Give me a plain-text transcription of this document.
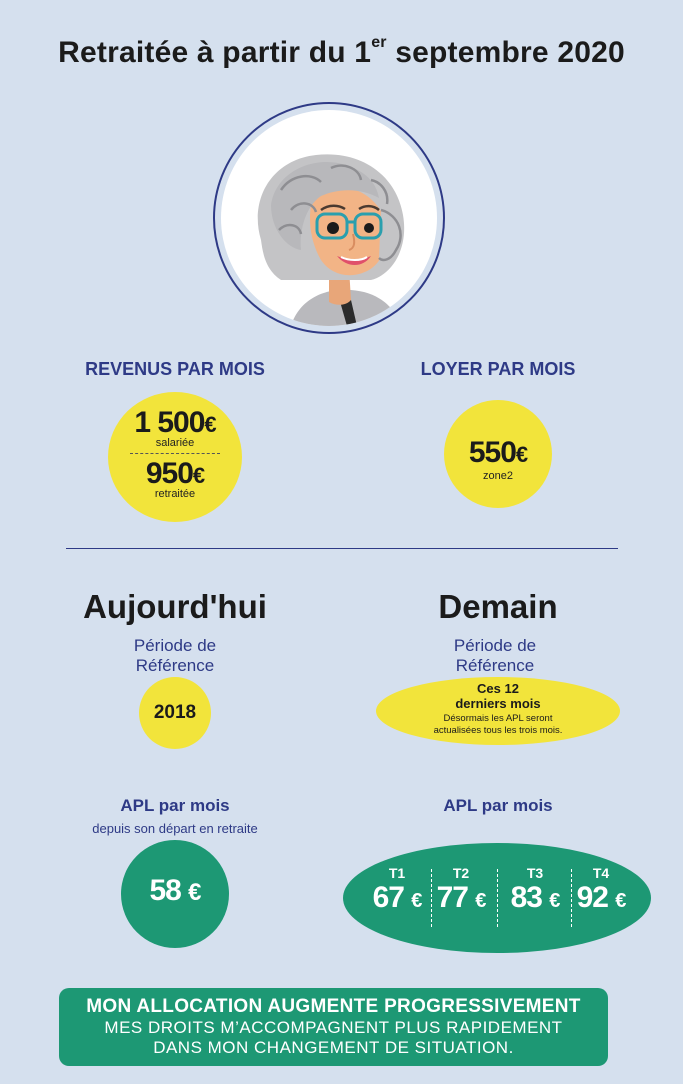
Retraitée à partir du 1er septembre 2020
REVENUS PAR MOIS
1 500€
salariée
950€
retraitée
LOYER PAR MOIS
550€
zone2
Aujourd'hui
Période de
Référence
2018
Demain
Période de
Référence
Ces 12
derniers mois
Désormais les APL seront
actualisées tous les trois mois.
APL par mois
depuis son départ en retraite
58 €
APL par mois
T1
67 €
T2
77 €
T3
83 €
T4
92 €
MON ALLOCATION AUGMENTE PROGRESSIVEMENT
MES DROITS M’ACCOMPAGNENT PLUS RAPIDEMENT
DANS MON CHANGEMENT DE SITUATION.
